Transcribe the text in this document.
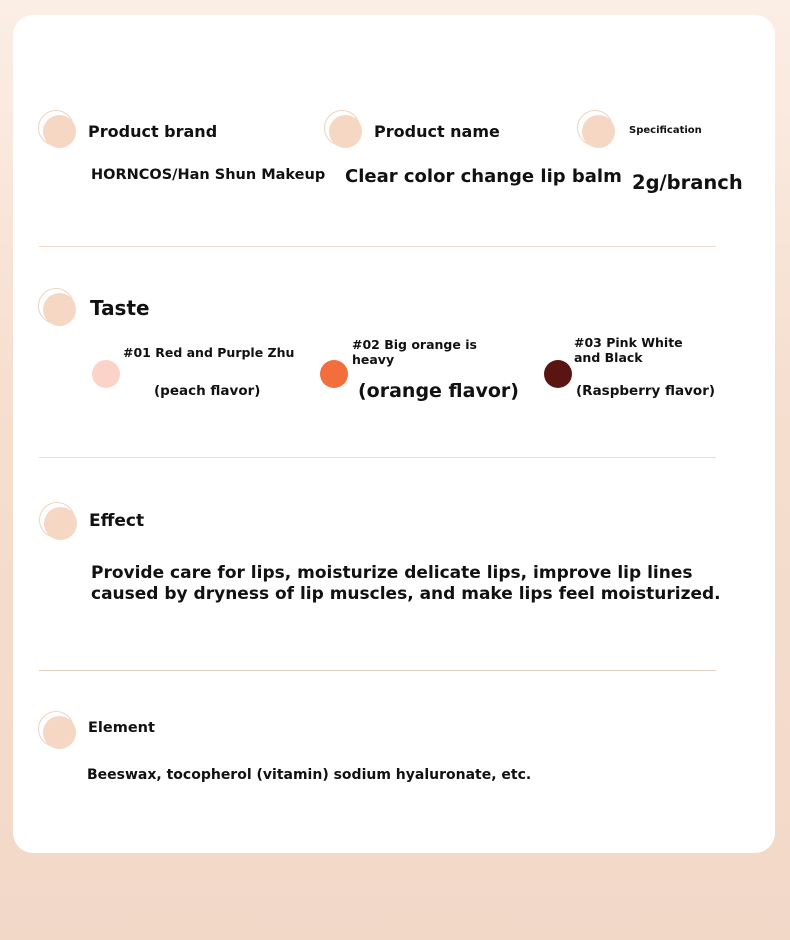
Product brand
HORNCOS/Han Shun Makeup
Product name
Clear color change lip balm
Specification
2g/branch
Taste
#01 Red and Purple Zhu
(peach flavor)
#02 Big orange is heavy
(orange flavor)
#03 Pink White and Black
(Raspberry flavor)
Effect
Provide care for lips, moisturize delicate lips, improve lip lines caused by dryness of lip muscles, and make lips feel moisturized.
Element
Beeswax, tocopherol (vitamin) sodium hyaluronate, etc.
